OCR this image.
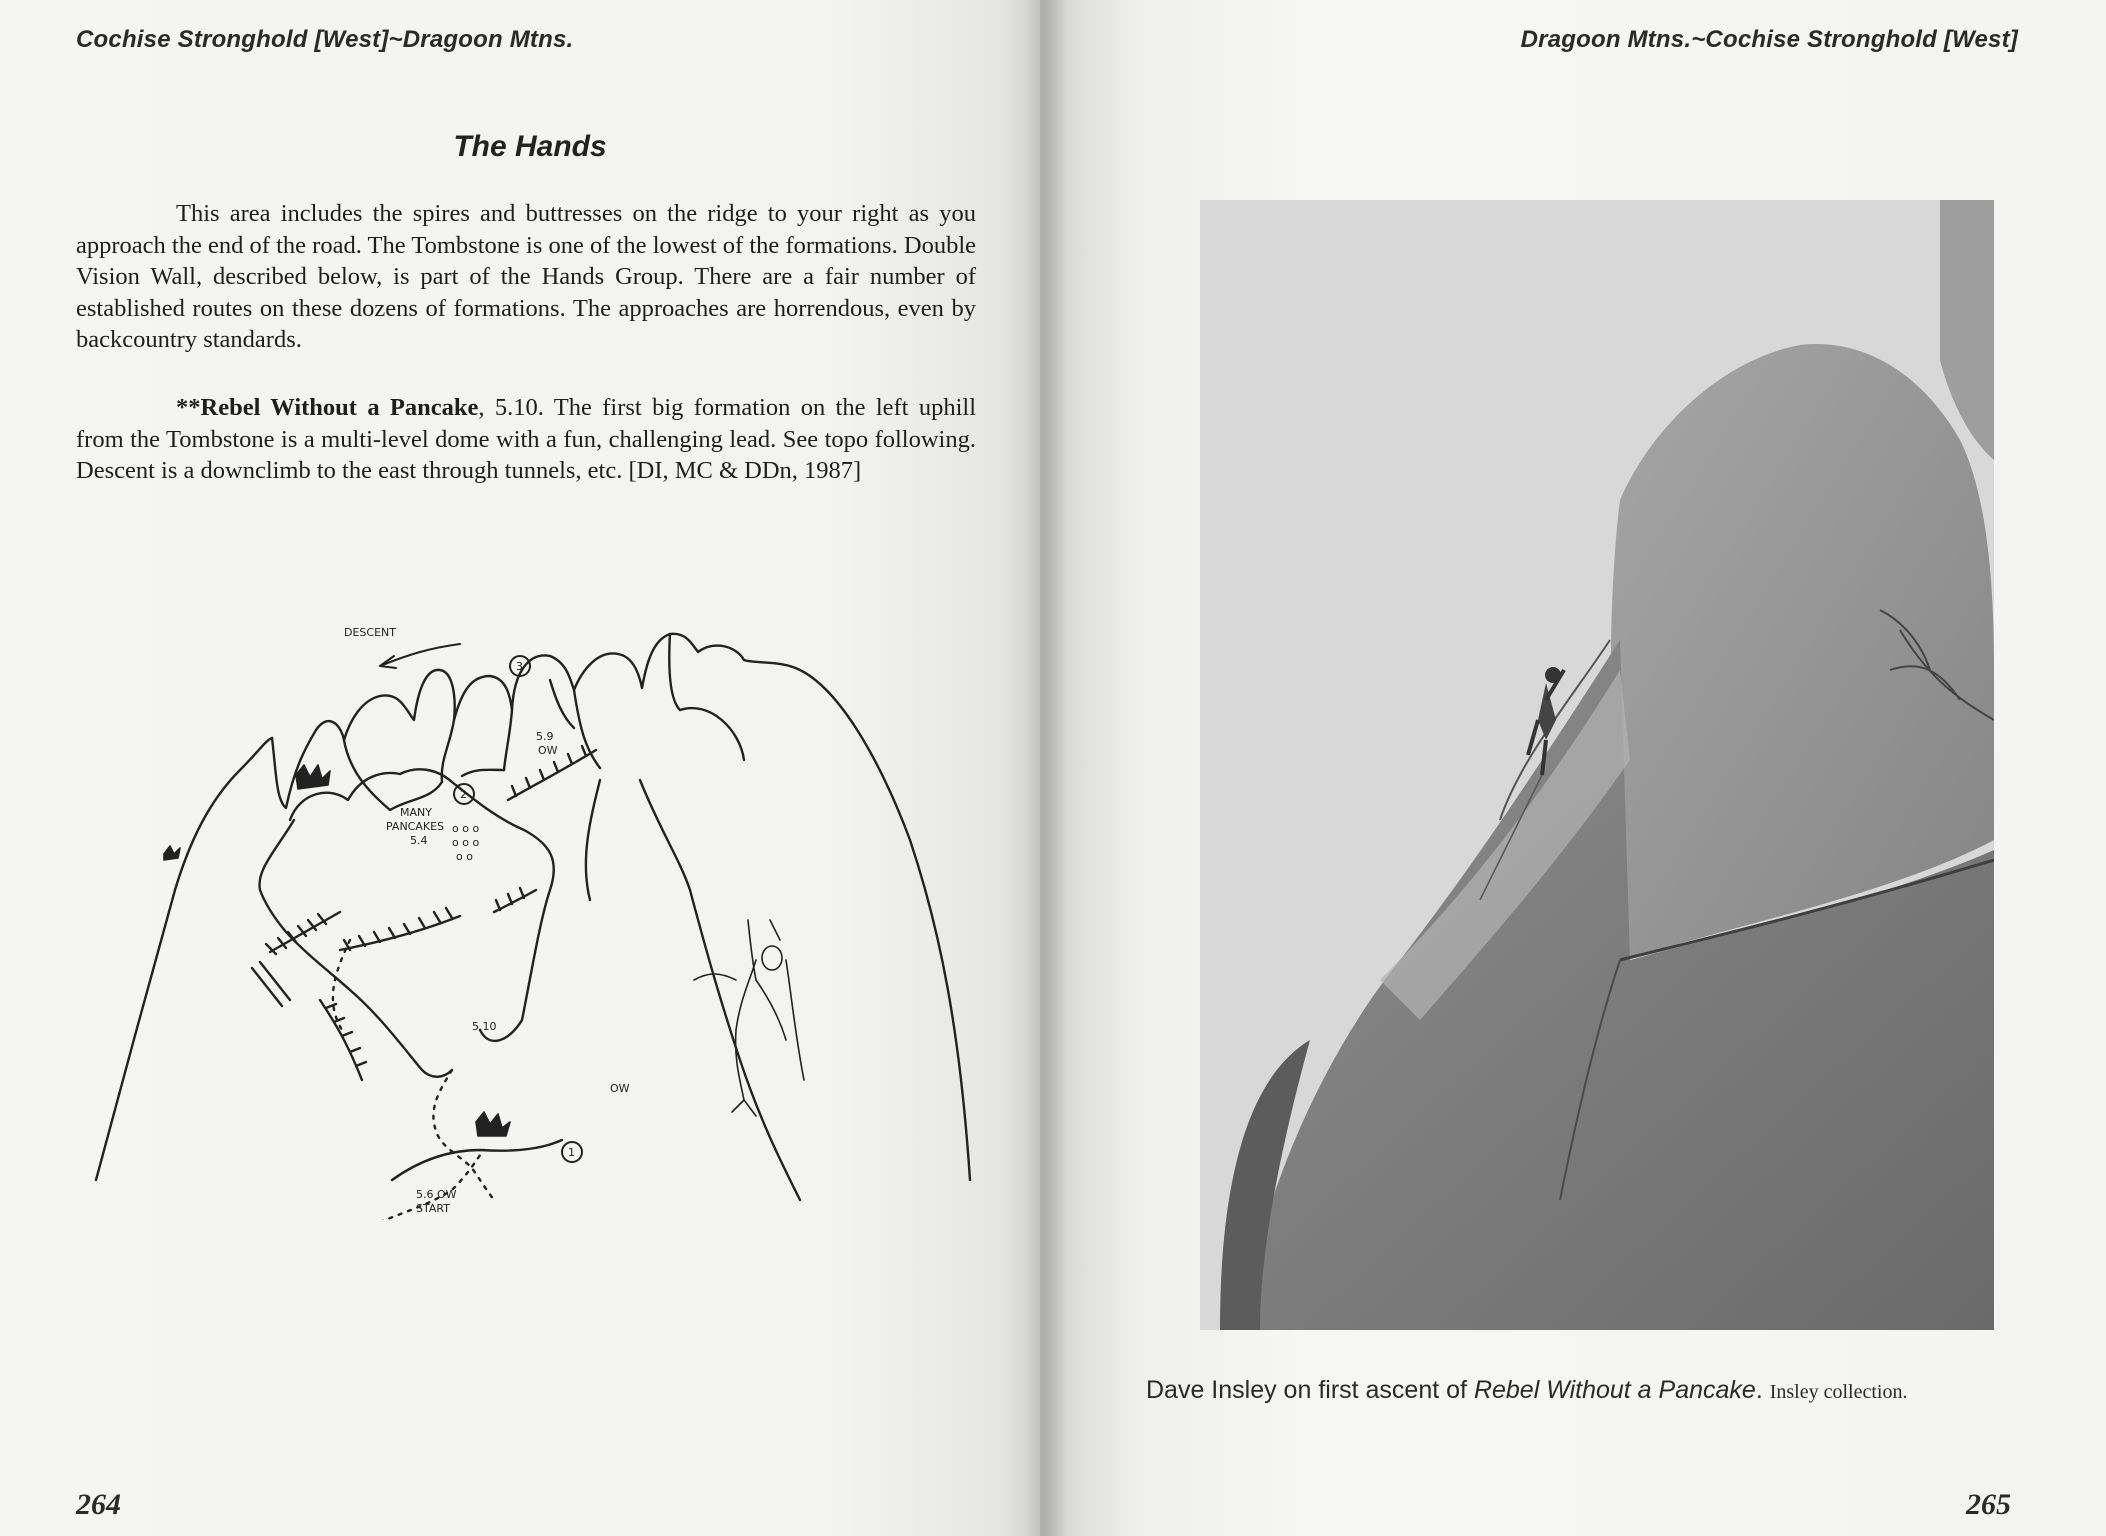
Cochise Stronghold [West]~Dragoon Mtns.
The Hands
This area includes the spires and buttresses on the ridge to your right as you approach the end of the road. The Tombstone is one of the lowest of the formations. Double Vision Wall, described below, is part of the Hands Group. There are a fair number of established routes on these dozens of formations. The approaches are horrendous, even by backcountry standards.
**Rebel Without a Pancake, 5.10. The first big formation on the left uphill from the Tombstone is a multi-level dome with a fun, challenging lead. See topo following. Descent is a downclimb to the east through tunnels, etc. [DI, MC & DDn, 1987]
3
2
1
DESCENT
5.9
OW
MANY
PANCAKES
5.4
o o o
o o o
o o
5.10
OW
5.6 OW
START
264
Dragoon Mtns.~Cochise Stronghold [West]
Dave Insley on first ascent of Rebel Without a Pancake. Insley collection.
265
